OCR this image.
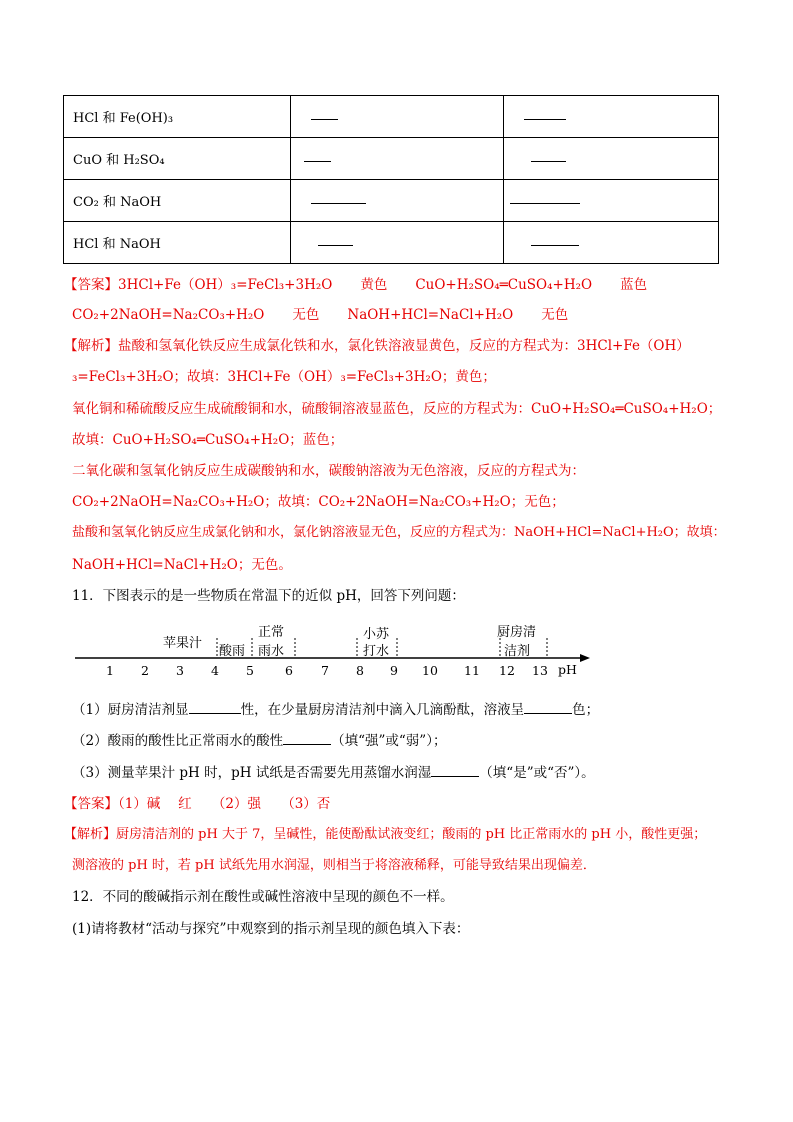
HCl 和 Fe(OH)₃		
CuO 和 H₂SO₄		
CO₂ 和 NaOH		
HCl 和 NaOH		
【答案】3HCl+Fe（OH）₃=FeCl₃+3H₂O 黄色 CuO+H₂SO₄═CuSO₄+H₂O 蓝色
CO₂+2NaOH=Na₂CO₃+H₂O 无色 NaOH+HCl=NaCl+H₂O 无色
【解析】盐酸和氢氧化铁反应生成氯化铁和水，氯化铁溶液显黄色，反应的方程式为：3HCl+Fe（OH）
₃=FeCl₃+3H₂O；故填：3HCl+Fe（OH）₃=FeCl₃+3H₂O；黄色；
氧化铜和稀硫酸反应生成硫酸铜和水，硫酸铜溶液显蓝色，反应的方程式为：CuO+H₂SO₄═CuSO₄+H₂O；
故填：CuO+H₂SO₄═CuSO₄+H₂O；蓝色；
二氧化碳和氢氧化钠反应生成碳酸钠和水，碳酸钠溶液为无色溶液，反应的方程式为：
CO₂+2NaOH=Na₂CO₃+H₂O；故填：CO₂+2NaOH=Na₂CO₃+H₂O；无色；
盐酸和氢氧化钠反应生成氯化钠和水，氯化钠溶液显无色，反应的方程式为：NaOH+HCl=NaCl+H₂O；故填：
NaOH+HCl=NaCl+H₂O；无色。
11．下图表示的是一些物质在常温下的近似 pH，回答下列问题：
1 2 3 4 5 6 7 8 9 10 11 12 13 pH
苹果汁
酸雨
正常
雨水
小苏
打水
厨房清
洁剂
（1）厨房清洁剂显	性，在少量厨房清洁剂中滴入几滴酚酞，溶液呈	色；
（2）酸雨的酸性比正常雨水的酸性	（填“强”或“弱”）；
（3）测量苹果汁 pH 时，pH 试纸是否需要先用蒸馏水润湿	（填“是”或“否”）。
【答案】（1）碱　 红　　（2）强　　（3）否
【解析】厨房清洁剂的 pH 大于 7，呈碱性，能使酚酞试液变红；酸雨的 pH 比正常雨水的 pH 小，酸性更强；
测溶液的 pH 时，若 pH 试纸先用水润湿，则相当于将溶液稀释，可能导致结果出现偏差．
12．不同的酸碱指示剂在酸性或碱性溶液中呈现的颜色不一样。
(1)请将教材“活动与探究”中观察到的指示剂呈现的颜色填入下表：
